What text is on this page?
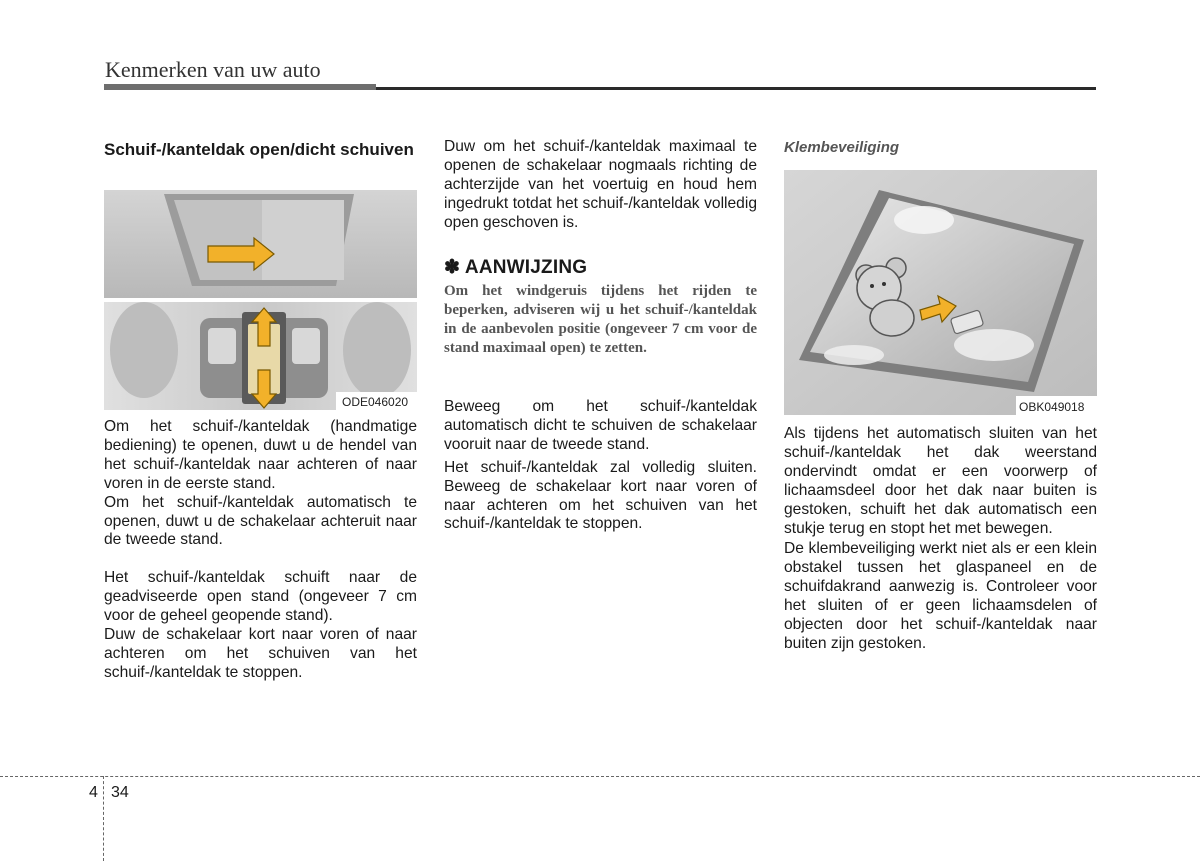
Kenmerken van uw auto
Schuif-/kanteldak open/dicht schuiven
ODE046020

Om het schuif-/kanteldak (handmatige bediening) te openen, duwt u de hendel van het schuif-/kanteldak naar achteren of naar voren in de eerste stand.

Om het schuif-/kanteldak automatisch te openen, duwt u de schakelaar achteruit naar de tweede stand.

Het schuif-/kanteldak schuift naar de geadviseerde open stand (ongeveer 7 cm voor de geheel geopende stand).

Duw de schakelaar kort naar voren of naar achteren om het schuiven van het schuif-/kanteldak te stoppen.

Duw om het schuif-/kanteldak maximaal te openen de schakelaar nogmaals richting de achterzijde van het voertuig en houd hem ingedrukt totdat het schuif-/kanteldak volledig open geschoven is.

✽ AANWIJZING
Om het windgeruis tijdens het rijden te beperken, adviseren wij u het schuif-/kanteldak in de aanbevolen positie (ongeveer 7 cm voor de stand maximaal open) te zetten.

Beweeg om het schuif-/kanteldak automatisch dicht te schuiven de schakelaar vooruit naar de tweede stand.

Het schuif-/kanteldak zal volledig sluiten. Beweeg de schakelaar kort naar voren of naar achteren om het schuiven van het schuif-/kanteldak te stoppen.

Klembeveiliging
OBK049018

Als tijdens het automatisch sluiten van het schuif-/kanteldak het dak weerstand ondervindt omdat er een voorwerp of lichaamsdeel door het dak naar buiten is gestoken, schuift het dak automatisch een stukje terug en stopt het met bewegen.

De klembeveiliging werkt niet als er een klein obstakel tussen het glaspaneel en de schuifdakrand aanwezig is. Controleer voor het sluiten of er geen lichaamsdelen of objecten door het schuif-/kanteldak naar buiten zijn gestoken.

4 34
